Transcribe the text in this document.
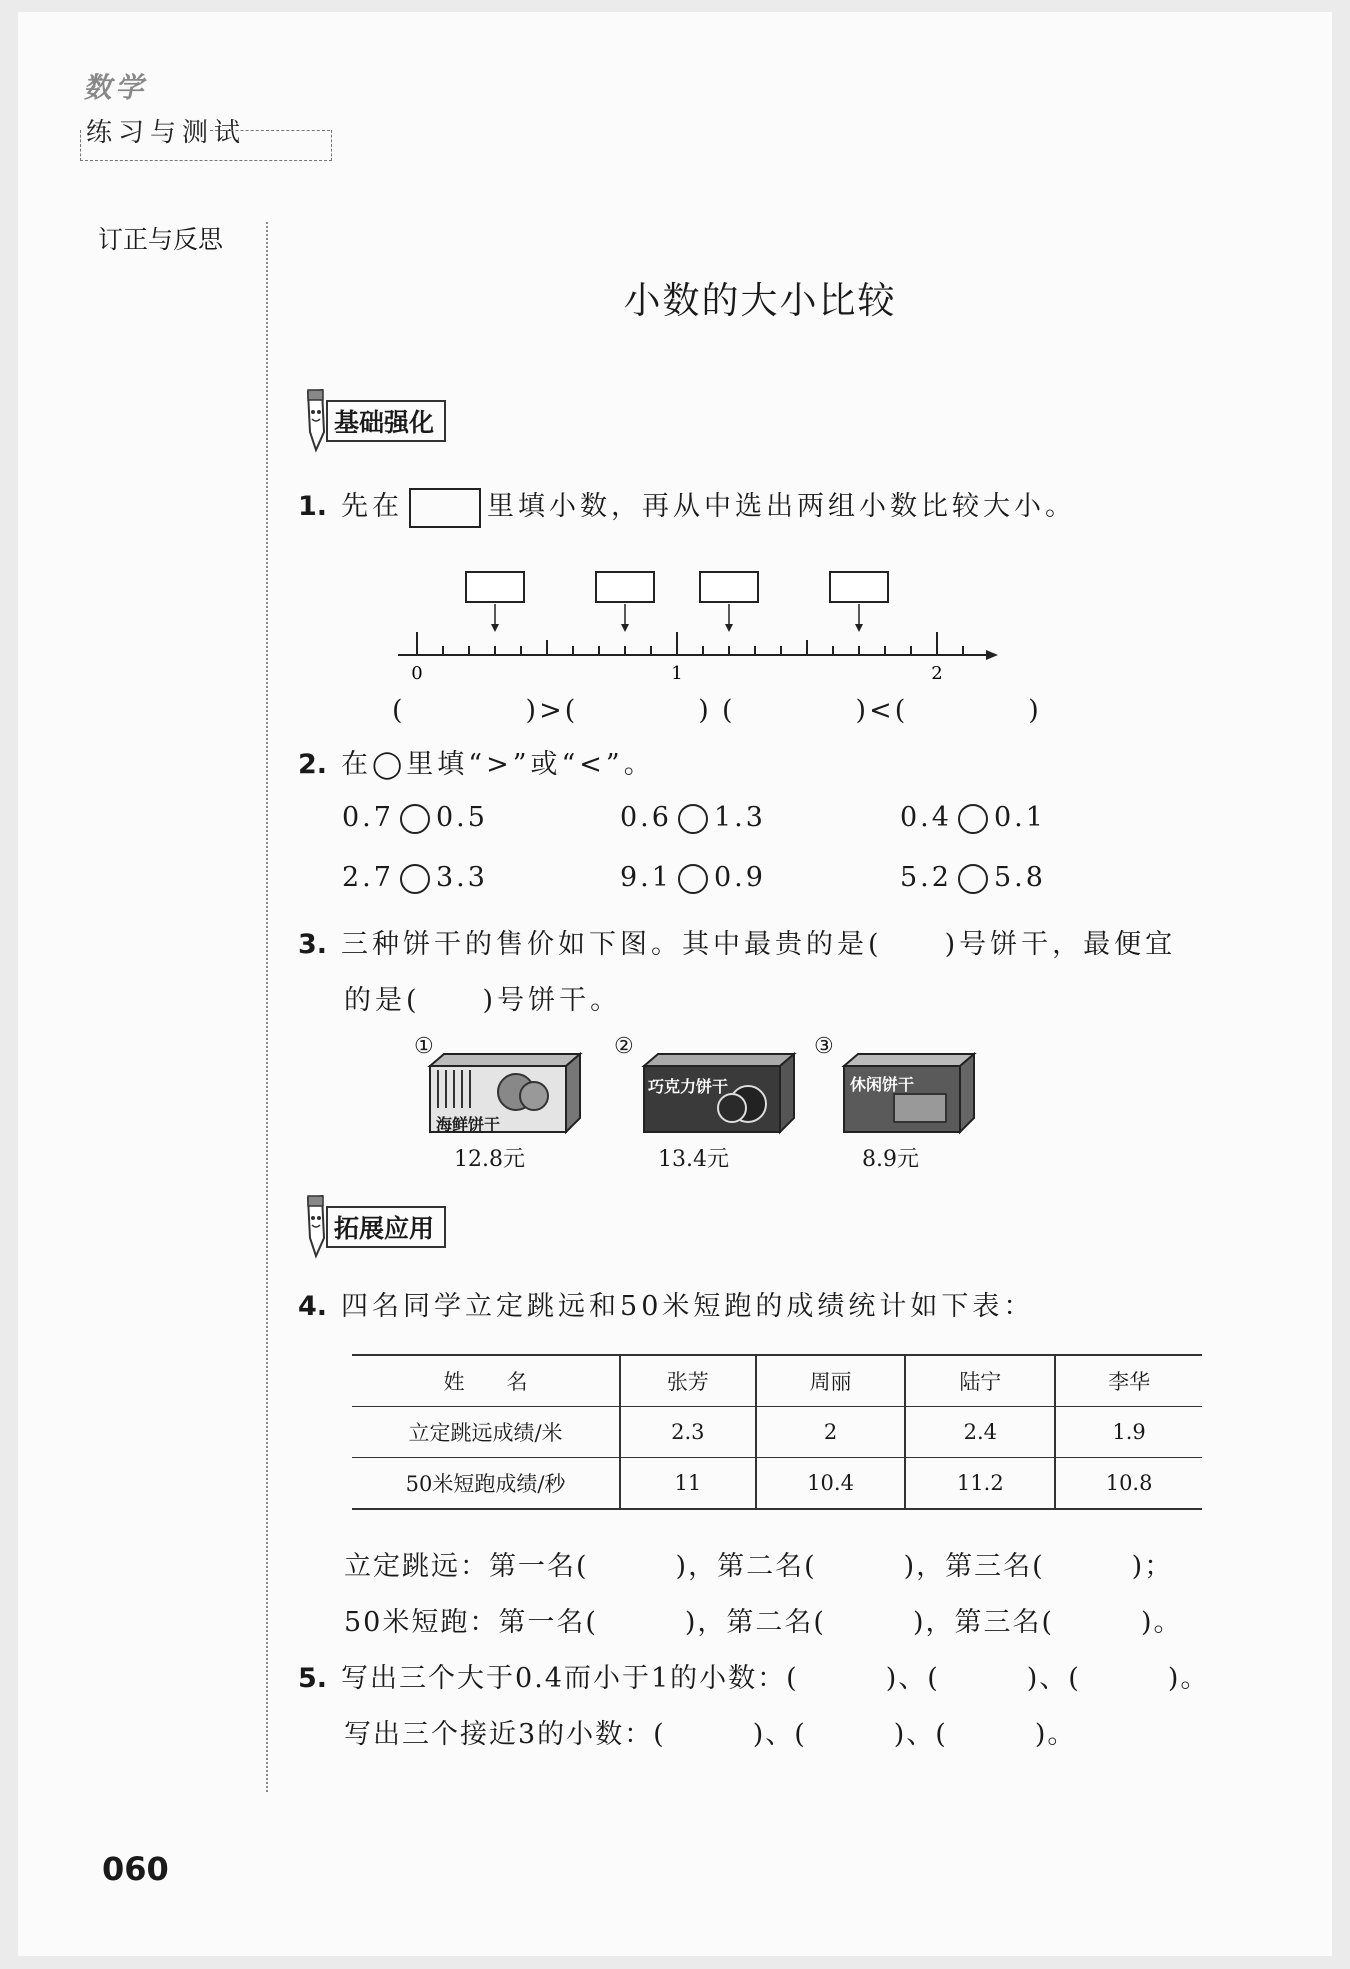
数学
练习与测试
订正与反思
小数的大小比较
基础强化
1. 先在	里填小数，再从中选出两组小数比较大小。
0	1	2
(　　　　)>(　　　　) (　　　　)<(　　　　)
2. 在◯里填“>”或“<”。
0.7 0.5	0.6 1.3	0.4 0.1
2.7 3.3	9.1 0.9	5.2 5.8
3. 三种饼干的售价如下图。其中最贵的是(　　)号饼干，最便宜
的是(　　)号饼干。
①
海鲜饼干
12.8元
②
巧克力饼干
13.4元
③
休闲饼干
8.9元
拓展应用
4. 四名同学立定跳远和50米短跑的成绩统计如下表：
姓　　名	张芳	周丽	陆宁	李华
立定跳远成绩/米	2.3	2	2.4	1.9
50米短跑成绩/秒	11	10.4	11.2	10.8
立定跳远：第一名(　　　)，第二名(　　　)，第三名(　　　)；
50米短跑：第一名(　　　)，第二名(　　　)，第三名(　　　)。
5. 写出三个大于0.4而小于1的小数：(　　　)、(　　　)、(　　　)。
写出三个接近3的小数：(　　　)、(　　　)、(　　　)。
060
